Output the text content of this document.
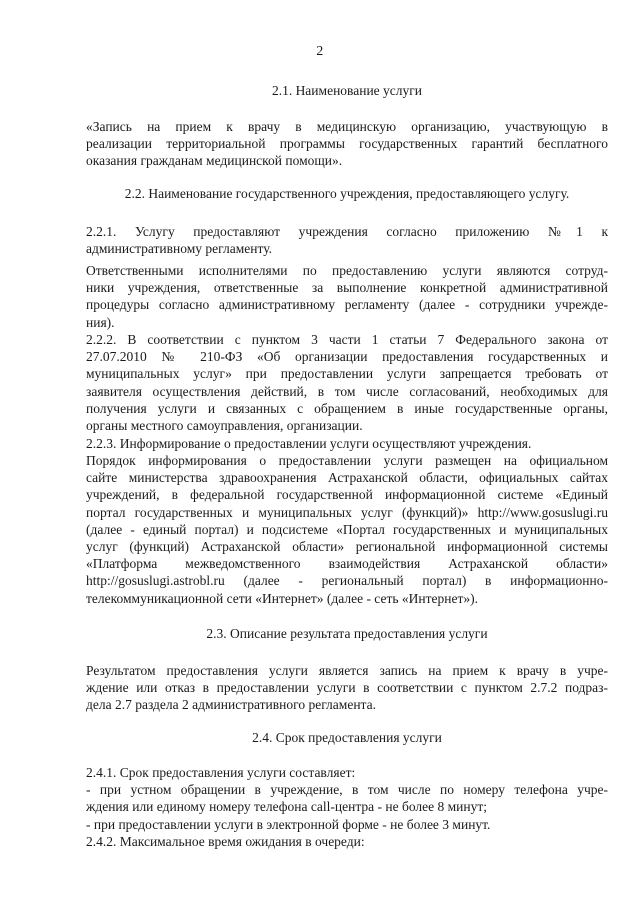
2
2.1. Наименование услуги
«Запись на прием к врачу в медицинскую организацию, участвующую в
реализации территориальной программы государственных гарантий бесплатного
оказания гражданам медицинской помощи».
2.2. Наименование государственного учреждения, предоставляющего услугу.
2.2.1. Услугу предоставляют учреждения согласно приложению №1 к
административному регламенту.
Ответственными исполнителями по предоставлению услуги являются сотруд-
ники учреждения, ответственные за выполнение конкретной административной
процедуры согласно административному регламенту (далее - сотрудники учрежде-
ния).
2.2.2. В соответствии с пунктом 3 части 1 статьи 7 Федерального закона от
27.07.2010 № 210-ФЗ «Об организации предоставления государственных и
муниципальных услуг» при предоставлении услуги запрещается требовать от
заявителя осуществления действий, в том числе согласований, необходимых для
получения услуги и связанных с обращением в иные государственные органы,
органы местного самоуправления, организации.
2.2.3. Информирование о предоставлении услуги осуществляют учреждения.
Порядок информирования о предоставлении услуги размещен на официальном
сайте министерства здравоохранения Астраханской области, официальных сайтах
учреждений, в федеральной государственной информационной системе «Единый
портал государственных и муниципальных услуг (функций)» http://www.gosuslugi.ru
(далее - единый портал) и подсистеме «Портал государственных и муниципальных
услуг (функций) Астраханской области» региональной информационной системы
«Платформа межведомственного взаимодействия Астраханской области»
http://gosuslugi.astrobl.ru (далее - региональный портал) в информационно-
телекоммуникационной сети «Интернет» (далее - сеть «Интернет»).
2.3. Описание результата предоставления услуги
Результатом предоставления услуги является запись на прием к врачу в учре-
ждение или отказ в предоставлении услуги в соответствии с пунктом 2.7.2 подраз-
дела 2.7 раздела 2 административного регламента.
2.4. Срок предоставления услуги
2.4.1. Срок предоставления услуги составляет:
- при устном обращении в учреждение, в том числе по номеру телефона учре-
ждения или единому номеру телефона call-центра - не более 8 минут;
- при предоставлении услуги в электронной форме - не более 3 минут.
2.4.2. Максимальное время ожидания в очереди:
